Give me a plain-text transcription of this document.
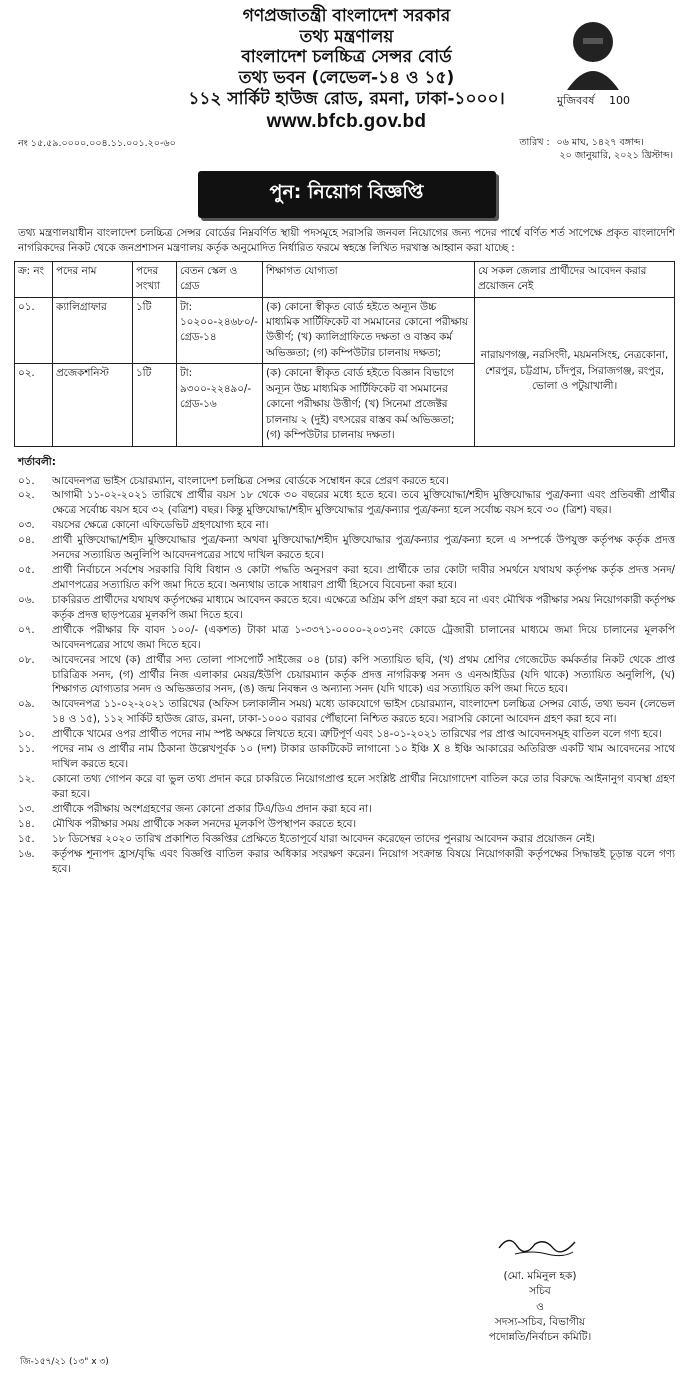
মুজিববর্ষ 100
গণপ্রজাতন্ত্রী বাংলাদেশ সরকার
তথ্য মন্ত্রণালয়
বাংলাদেশ চলচ্চিত্র সেন্সর বোর্ড
তথ্য ভবন (লেভেল-১৪ ও ১৫)
১১২ সার্কিট হাউজ রোড, রমনা, ঢাকা-১০০০।
www.bfcb.gov.bd
নং ১৫.৫৯.০০০০.০০৪.১১.০০১.২০-৬০	তারিখ : ০৬ মাঘ, ১৪২৭ বঙ্গাব্দ।
২০ জানুয়ারি, ২০২১ খ্রিস্টাব্দ।
পুন: নিয়োগ বিজ্ঞপ্তি
তথ্য মন্ত্রণালয়াধীন বাংলাদেশ চলচ্চিত্র সেন্সর বোর্ডের নিম্নবর্ণিত স্থায়ী পদসমূহে সরাসরি জনবল নিয়োগের জন্য পদের পার্শ্বে বর্ণিত শর্ত সাপেক্ষে প্রকৃত বাংলাদেশি নাগরিকদের নিকট থেকে জনপ্রশাসন মন্ত্রণালয় কর্তৃক অনুমোদিত নির্ধারিত ফরমে স্বহস্তে লিখিত দরখাস্ত আহ্বান করা যাচ্ছে :
ক্র: নং	পদের নাম	পদের সংখ্যা	বেতন স্কেল ও গ্রেড	শিক্ষাগত যোগ্যতা	যে সকল জেলার প্রার্থীদের আবেদন করার প্রয়োজন নেই
০১.	ক্যালিগ্রাফার	১টি	টা: ১০২০০-২৪৬৮০/- গ্রেড-১৪	(ক) কোনো স্বীকৃত বোর্ড হইতে অন্যূন উচ্চ মাধ্যমিক সার্টিফিকেট বা সমমানের কোনো পরীক্ষায় উত্তীর্ণ; (খ) ক্যালিগ্রাফিতে দক্ষতা ও বাস্তব কর্ম অভিজ্ঞতা; (গ) কম্পিউটার চালনায় দক্ষতা;	নারায়ণগঞ্জ, নরসিংদী, ময়মনসিংহ, নেত্রকোনা, শেরপুর, চট্টগ্রাম, চাঁদপুর, সিরাজগঞ্জ, রংপুর, ভোলা ও পটুয়াখালী।
০২.	প্রজেকশনিস্ট	১টি	টা: ৯৩০০-২২৪৯০/- গ্রেড-১৬	(ক) কোনো স্বীকৃত বোর্ড হইতে বিজ্ঞান বিভাগে অন্যূন উচ্চ মাধ্যমিক সার্টিফিকেট বা সমমানের কোনো পরীক্ষায় উত্তীর্ণ; (খ) সিনেমা প্রজেক্টর চালনায় ২ (দুই) বৎসরের বাস্তব কর্ম অভিজ্ঞতা; (গ) কম্পিউটার চালনায় দক্ষতা।	
শর্তাবলী:
০১.	আবেদনপত্র ভাইস চেয়ারম্যান, বাংলাদেশ চলচ্চিত্র সেন্সর বোর্ডকে সম্বোধন করে প্রেরণ করতে হবে।
০২.	আগামী ১১-০২-২০২১ তারিখে প্রার্থীর বয়স ১৮ থেকে ৩০ বছরের মধ্যে হতে হবে। তবে মুক্তিযোদ্ধা/শহীদ মুক্তিযোদ্ধার পুত্র/কন্যা এবং প্রতিবন্ধী প্রার্থীর ক্ষেত্রে সর্বোচ্চ বয়স হবে ৩২ (বত্রিশ) বছর। কিন্তু মুক্তিযোদ্ধা/শহীদ মুক্তিযোদ্ধার পুত্র/কন্যার পুত্র/কন্যা হলে সর্বোচ্চ বয়স হবে ৩০ (ত্রিশ) বছর।
০৩.	বয়সের ক্ষেত্রে কোনো এফিডেভিট গ্রহণযোগ্য হবে না।
০৪.	প্রার্থী মুক্তিযোদ্ধা/শহীদ মুক্তিযোদ্ধার পুত্র/কন্যা অথবা মুক্তিযোদ্ধা/শহীদ মুক্তিযোদ্ধার পুত্র/কন্যার পুত্র/কন্যা হলে এ সম্পর্কে উপযুক্ত কর্তৃপক্ষ কর্তৃক প্রদত্ত সনদের সত্যায়িত অনুলিপি আবেদনপত্রের সাথে দাখিল করতে হবে।
০৫.	প্রার্থী নির্বাচনে সর্বশেষ সরকারি বিধি বিধান ও কোটা পদ্ধতি অনুসরণ করা হবে। প্রার্থীকে তার কোটা দাবীর সমর্থনে যথাযথ কর্তৃপক্ষ কর্তৃক প্রদত্ত সনদ/প্রমাণপত্রের সত্যায়িত কপি জমা দিতে হবে। অন্যথায় তাকে সাধারণ প্রার্থী হিসেবে বিবেচনা করা হবে।
০৬.	চাকরিরত প্রার্থীদের যথাযথ কর্তৃপক্ষের মাধ্যমে আবেদন করতে হবে। এক্ষেত্রে অগ্রিম কপি গ্রহণ করা হবে না এবং মৌখিক পরীক্ষার সময় নিয়োগকারী কর্তৃপক্ষ কর্তৃক প্রদত্ত ছাড়পত্রের মূলকপি জমা দিতে হবে।
০৭.	প্রার্থীকে পরীক্ষার ফি বাবদ ১০০/- (একশত) টাকা মাত্র ১-৩৩৭১-০০০০-২০৩১নং কোডে ট্রেজারী চালানের মাধ্যমে জমা দিয়ে চালানের মূলকপি আবেদনপত্রের সাথে জমা দিতে হবে।
০৮.	আবেদনের সাথে (ক) প্রার্থীর সদ্য তোলা পাসপোর্ট সাইজের ০৪ (চার) কপি সত্যায়িত ছবি, (খ) প্রথম শ্রেণির গেজেটেড কর্মকর্তার নিকট থেকে প্রাপ্ত চারিত্রিক সনদ, (গ) প্রার্থীর নিজ এলাকার মেয়র/ইউপি চেয়ারম্যান কর্তৃক প্রদত্ত নাগরিকত্ব সনদ ও এনআইডির (যদি থাকে) সত্যায়িত অনুলিপি, (ঘ) শিক্ষাগত যোগ্যতার সনদ ও অভিজ্ঞতার সনদ, (ঙ) জন্ম নিবন্ধন ও অন্যান্য সনদ (যদি থাকে) এর সত্যায়িত কপি জমা দিতে হবে।
০৯.	আবেদনপত্র ১১-০২-২০২১ তারিখের (অফিস চলাকালীন সময়) মধ্যে ডাকযোগে ভাইস চেয়ারম্যান, বাংলাদেশ চলচ্চিত্র সেন্সর বোর্ড, তথ্য ভবন (লেভেল ১৪ ও ১৫), ১১২ সার্কিট হাউজ রোড, রমনা, ঢাকা-১০০০ বরাবর পৌঁছানো নিশ্চিত করতে হবে। সরাসরি কোনো আবেদন গ্রহণ করা হবে না।
১০.	প্রার্থীকে খামের ওপর প্রার্থীত পদের নাম স্পষ্ট অক্ষরে লিখতে হবে। ত্রুটিপূর্ণ এবং ১৪-০১-২০২১ তারিখের পর প্রাপ্ত আবেদনসমূহ বাতিল বলে গণ্য হবে।
১১.	পদের নাম ও প্রার্থীর নাম ঠিকানা উল্লেখপূর্বক ১০ (দশ) টাকার ডাকটিকেট লাগানো ১০ ইঞ্চি X ৪ ইঞ্চি আকারের অতিরিক্ত একটি খাম আবেদনের সাথে দাখিল করতে হবে।
১২.	কোনো তথ্য গোপন করে বা ভুল তথ্য প্রদান করে চাকরিতে নিয়োগপ্রাপ্ত হলে সংশ্লিষ্ট প্রার্থীর নিয়োগাদেশ বাতিল করে তার বিরুদ্ধে আইনানুগ ব্যবস্থা গ্রহণ করা হবে।
১৩.	প্রার্থীকে পরীক্ষায় অংশগ্রহণের জন্য কোনো প্রকার টিএ/ডিএ প্রদান করা হবে না।
১৪.	মৌখিক পরীক্ষার সময় প্রার্থীকে সকল সনদের মূলকপি উপস্থাপন করতে হবে।
১৫.	১৮ ডিসেম্বর ২০২০ তারিখ প্রকাশিত বিজ্ঞপ্তির প্রেক্ষিতে ইতোপূর্বে যারা আবেদন করেছেন তাদের পুনরায় আবেদন করার প্রয়োজন নেই।
১৬.	কর্তৃপক্ষ শূন্যপদ হ্রাস/বৃদ্ধি এবং বিজ্ঞপ্তি বাতিল করার অধিকার সংরক্ষণ করেন। নিয়োগ সংক্রান্ত বিষয়ে নিয়োগকারী কর্তৃপক্ষের সিদ্ধান্তই চূড়ান্ত বলে গণ্য হবে।
(মো. মমিনুল হক)
সচিব
ও
সদস্য-সচিব, বিভাগীয়
পদোন্নতি/নির্বাচন কমিটি।
জি-১৫৭/২১ (১৩" x ৩)
